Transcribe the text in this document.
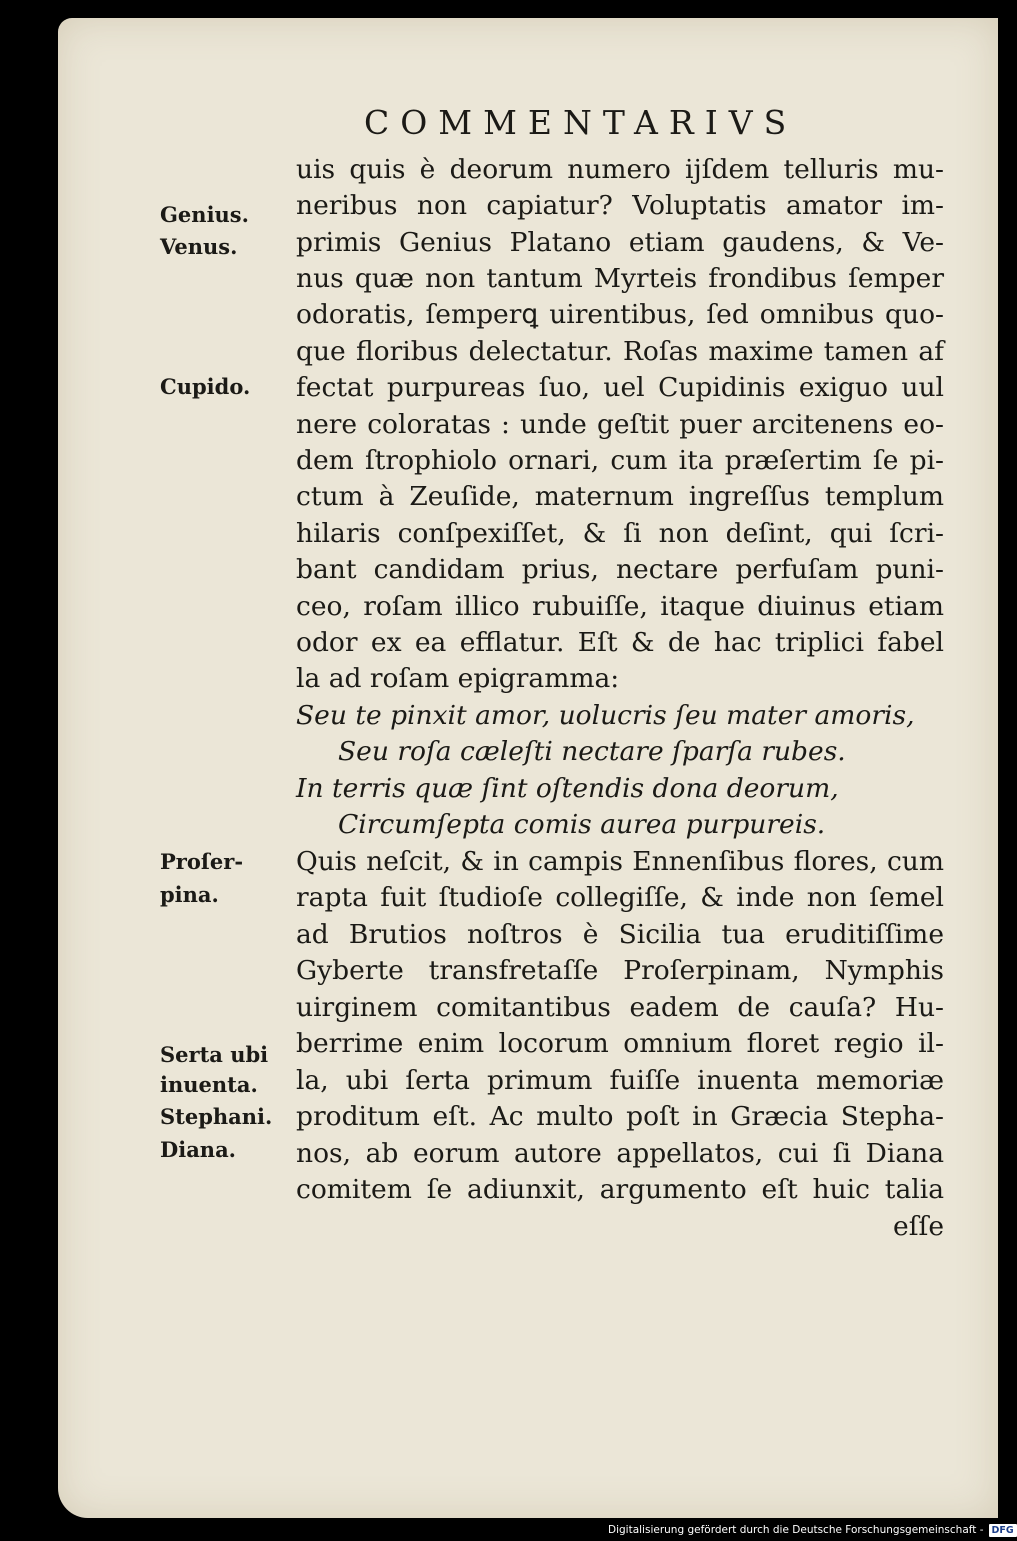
COMMENTARIVS
uis quis è deorum numero ijſdem telluris mu-
neribus non capiatur? Voluptatis amator im-
primis Genius Platano etiam gaudens, & Ve-
nus quæ non tantum Myrteis frondibus ſemper
odoratis, ſemperꝗ uirentibus, ſed omnibus quo-
que floribus delectatur. Roſas maxime tamen af
fectat purpureas ſuo, uel Cupidinis exiguo uul
nere coloratas : unde geſtit puer arcitenens eo-
dem ſtrophiolo ornari, cum ita præſertim ſe pi-
ctum à Zeuſide, maternum ingreſſus templum
hilaris conſpexiſſet, & ſi non deſint, qui ſcri-
bant candidam prius, nectare perfuſam puni-
ceo, roſam illico rubuiſſe, itaque diuinus etiam
odor ex ea efflatur. Eſt & de hac triplici fabel
la ad roſam epigramma:
Seu te pinxit amor, uolucris ſeu mater amoris,
Seu roſa cæleſti nectare ſparſa rubes.
In terris quæ ſint oſtendis dona deorum,
Circumſepta comis aurea purpureis.
Quis neſcit, & in campis Ennenſibus flores, cum
rapta fuit ſtudioſe collegiſſe, & inde non ſemel
ad Brutios noſtros è Sicilia tua eruditiſſime
Gyberte transfretaſſe Proſerpinam, Nymphis
uirginem comitantibus eadem de cauſa? Hu-
berrime enim locorum omnium floret regio il-
la, ubi ſerta primum fuiſſe inuenta memoriæ
proditum eſt. Ac multo poſt in Græcia Stepha-
nos, ab eorum autore appellatos, cui ſi Diana
comitem ſe adiunxit, argumento eſt huic talia
eſſe
Genius.
Venus.
Cupido.
Proſer-
pina.
Serta ubi
inuenta.
Stephani.
Diana.
Digitalisierung gefördert durch die Deutsche Forschungsgemeinschaft - DFG
